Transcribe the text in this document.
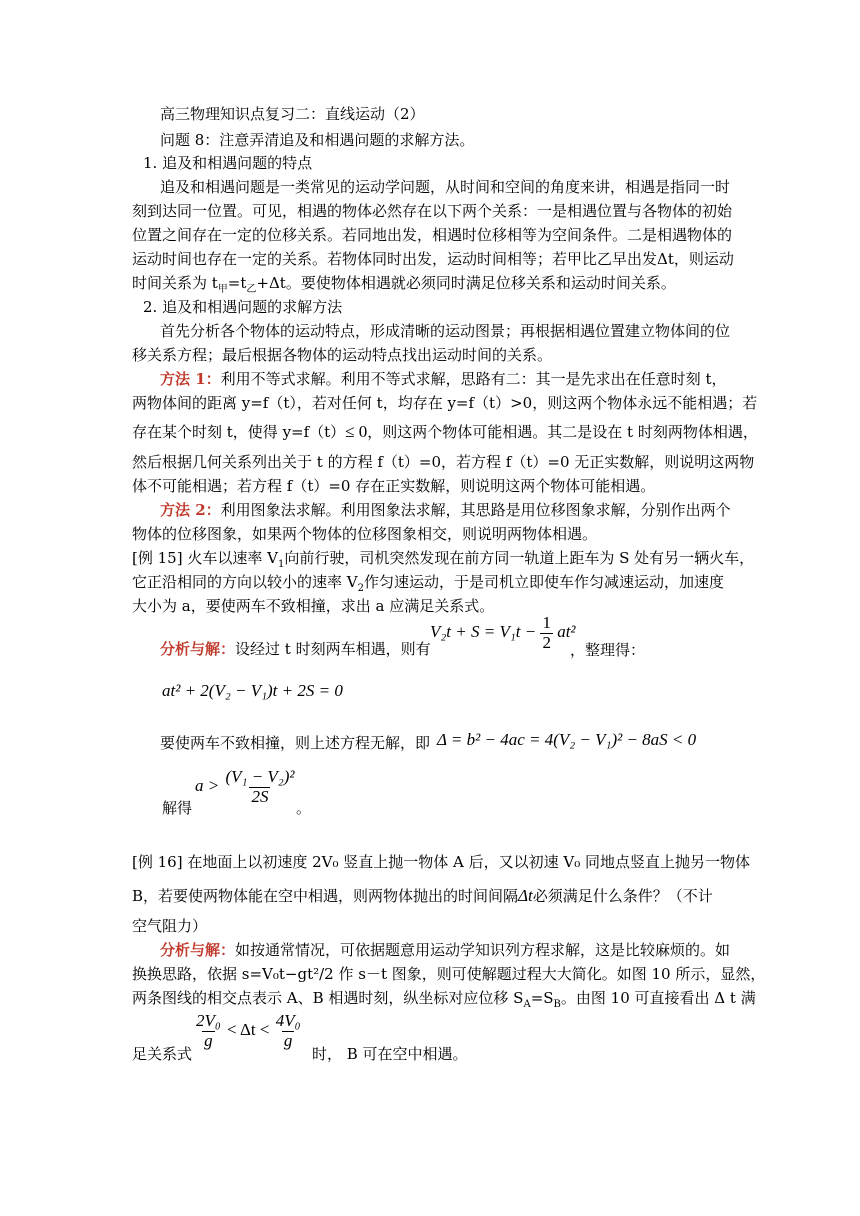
高三物理知识点复习二：直线运动（2）
问题 8：注意弄清追及和相遇问题的求解方法。
1. 追及和相遇问题的特点
追及和相遇问题是一类常见的运动学问题，从时间和空间的角度来讲，相遇是指同一时
刻到达同一位置。可见，相遇的物体必然存在以下两个关系：一是相遇位置与各物体的初始
位置之间存在一定的位移关系。若同地出发，相遇时位移相等为空间条件。二是相遇物体的
运动时间也存在一定的关系。若物体同时出发，运动时间相等；若甲比乙早出发Δt，则运动
时间关系为 $t_甲=t_乙+\Delta t$。要使物体相遇就必须同时满足位移关系和运动时间关系。
2. 追及和相遇问题的求解方法
首先分析各个物体的运动特点，形成清晰的运动图景；再根据相遇位置建立物体间的位
移关系方程；最后根据各物体的运动特点找出运动时间的关系。
方法 1：利用不等式求解。利用不等式求解，思路有二：其一是先求出在任意时刻 t，
两物体间的距离 y=f（t），若对任何 t，均存在 y=f（t）>0，则这两个物体永远不能相遇；若
存在某个时刻 t，使得 y=f（t）≤ 0，则这两个物体可能相遇。其二是设在 t 时刻两物体相遇，
然后根据几何关系列出关于 t 的方程 f（t）=0，若方程 f（t）=0 无正实数解，则说明这两物
体不可能相遇；若方程 f（t）=0 存在正实数解，则说明这两个物体可能相遇。
方法 2：利用图象法求解。利用图象法求解，其思路是用位移图象求解，分别作出两个
物体的位移图象，如果两个物体的位移图象相交，则说明两物体相遇。
[例 15] 火车以速率 $V_1$向前行驶，司机突然发现在前方同一轨道上距车为 S 处有另一辆火车，
它正沿相同的方向以较小的速率 $V_2$作匀速运动，于是司机立即使车作匀减速运动，加速度
大小为 a，要使两车不致相撞，求出 a 应满足关系式。
分析与解：设经过 t 时刻两车相遇，则有
$V_2t + S = V_1t - \frac{1}{2} at^2$
，整理得：
at² + 2(V₂ − V₁)t + 2S = 0
要使两车不致相撞，则上述方程无解，即 Δ = b² − 4ac = 4(V₂ − V₁)² − 8aS < 0
解得
$a > \frac{\text{(V₁ − V₂)²}}{2S}$
。
[例 16] 在地面上以初速度 2V₀ 竖直上抛一物体 A 后，又以初速 V₀ 同地点竖直上抛另一物体
B，若要使两物体能在空中相遇，则两物体抛出的时间间隔Δt必须满足什么条件？（不计
空气阻力）
分析与解：如按通常情况，可依据题意用运动学知识列方程求解，这是比较麻烦的。如
换换思路，依据 s=V₀t−gt²/2 作 s－t 图象，则可使解题过程大大简化。如图 10 所示，显然，
两条图线的相交点表示 A、B 相遇时刻，纵坐标对应位移 $S_A=S_B$。由图 10 可直接看出 Δ t 满
足关系式
$\frac{\text{2V₀}}{g} < \Delta t < \frac{\text{4V₀}}{g}$
时， B 可在空中相遇。
